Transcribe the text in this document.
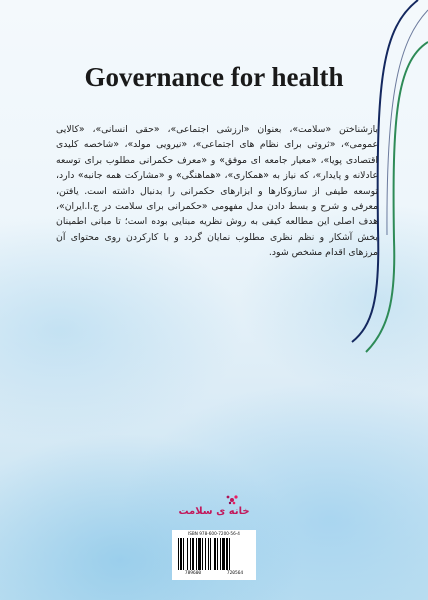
Governance for health

بازشناختن «سلامت»، بعنوان «ارزشی اجتماعی»، «حقی انسانی»، «کالایی عمومی»، «ثروتی برای نظام های اجتماعی»، «نیرویی مولد»، «شاخصه کلیدی اقتصادی پویا»، «معیار جامعه ای موفق» و «معرف حکمرانی مطلوب برای توسعه عادلانه و پایدار»، که نیاز به «همکاری»، «هماهنگی» و «مشارکت همه جانبه» دارد، توسعه طیفی از سازوکارها و ابزارهای حکمرانی را بدنبال داشته است. یافتن، معرفی و شرح و بسط دادن مدل مفهومی «حکمرانی برای سلامت در ج.ا.ایران»، هدف اصلی این مطالعه کیفی به روش نظریه مبنایی بوده است؛ تا مبانی اطمینان بخش آشکار و نظم نظری مطلوب نمایان گردد و با کارکردن روی محتوای آن مرزهای اقدام مشخص شود.

خانه ی سلامت
ISBN 978-600-7200-56-4
789600	720564
